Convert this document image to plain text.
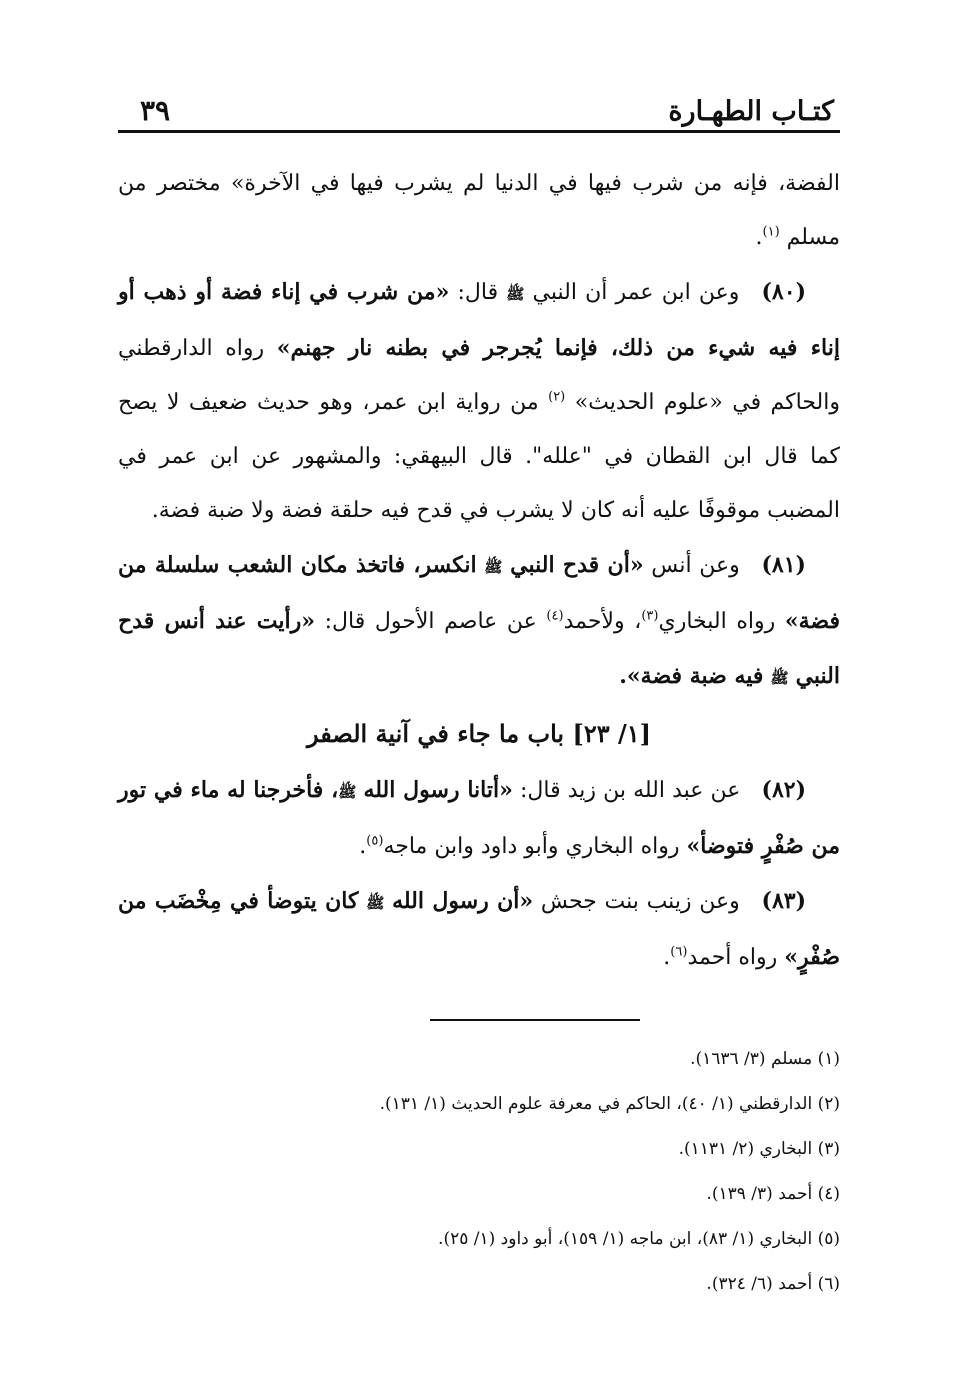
كتـاب الطهـارة
٣٩

الفضة، فإنه من شرب فيها في الدنيا لم يشرب فيها في الآخرة» مختصر من مسلم $^{(١)}$.

(٨٠) وعن ابن عمر أن النبي ﷺ قال: «من شرب في إناء فضة أو ذهب أو إناء فيه شيء من ذلك، فإنما يُجرجر في بطنه نار جهنم» رواه الدارقطني والحاكم في «علوم الحديث» $^{(٢)}$ من رواية ابن عمر، وهو حديث ضعيف لا يصح كما قال ابن القطان في "علله". قال البيهقي: والمشهور عن ابن عمر في المضبب موقوفًا عليه أنه كان لا يشرب في قدح فيه حلقة فضة ولا ضبة فضة.

(٨١) وعن أنس «أن قدح النبي ﷺ انكسر، فاتخذ مكان الشعب سلسلة من فضة» رواه البخاري$^{(٣)}$، ولأحمد$^{(٤)}$ عن عاصم الأحول قال: «رأيت عند أنس قدح النبي ﷺ فيه ضبة فضة».

[١/ ٢٣] باب ما جاء في آنية الصفر

(٨٢) عن عبد الله بن زيد قال: «أتانا رسول الله ﷺ، فأخرجنا له ماء في تور من صُفْرٍ فتوضأ» رواه البخاري وأبو داود وابن ماجه$^{(٥)}$.

(٨٣) وعن زينب بنت جحش «أن رسول الله ﷺ كان يتوضأ في مِخْضَب من صُفْرٍ» رواه أحمد$^{(٦)}$.

(١) مسلم (٣/ ١٦٣٦).

(٢) الدارقطني (١/ ٤٠)، الحاكم في معرفة علوم الحديث (١/ ١٣١).

(٣) البخاري (٢/ ١١٣١).

(٤) أحمد (٣/ ١٣٩).

(٥) البخاري (١/ ٨٣)، ابن ماجه (١/ ١٥٩)، أبو داود (١/ ٢٥).

(٦) أحمد (٦/ ٣٢٤).
